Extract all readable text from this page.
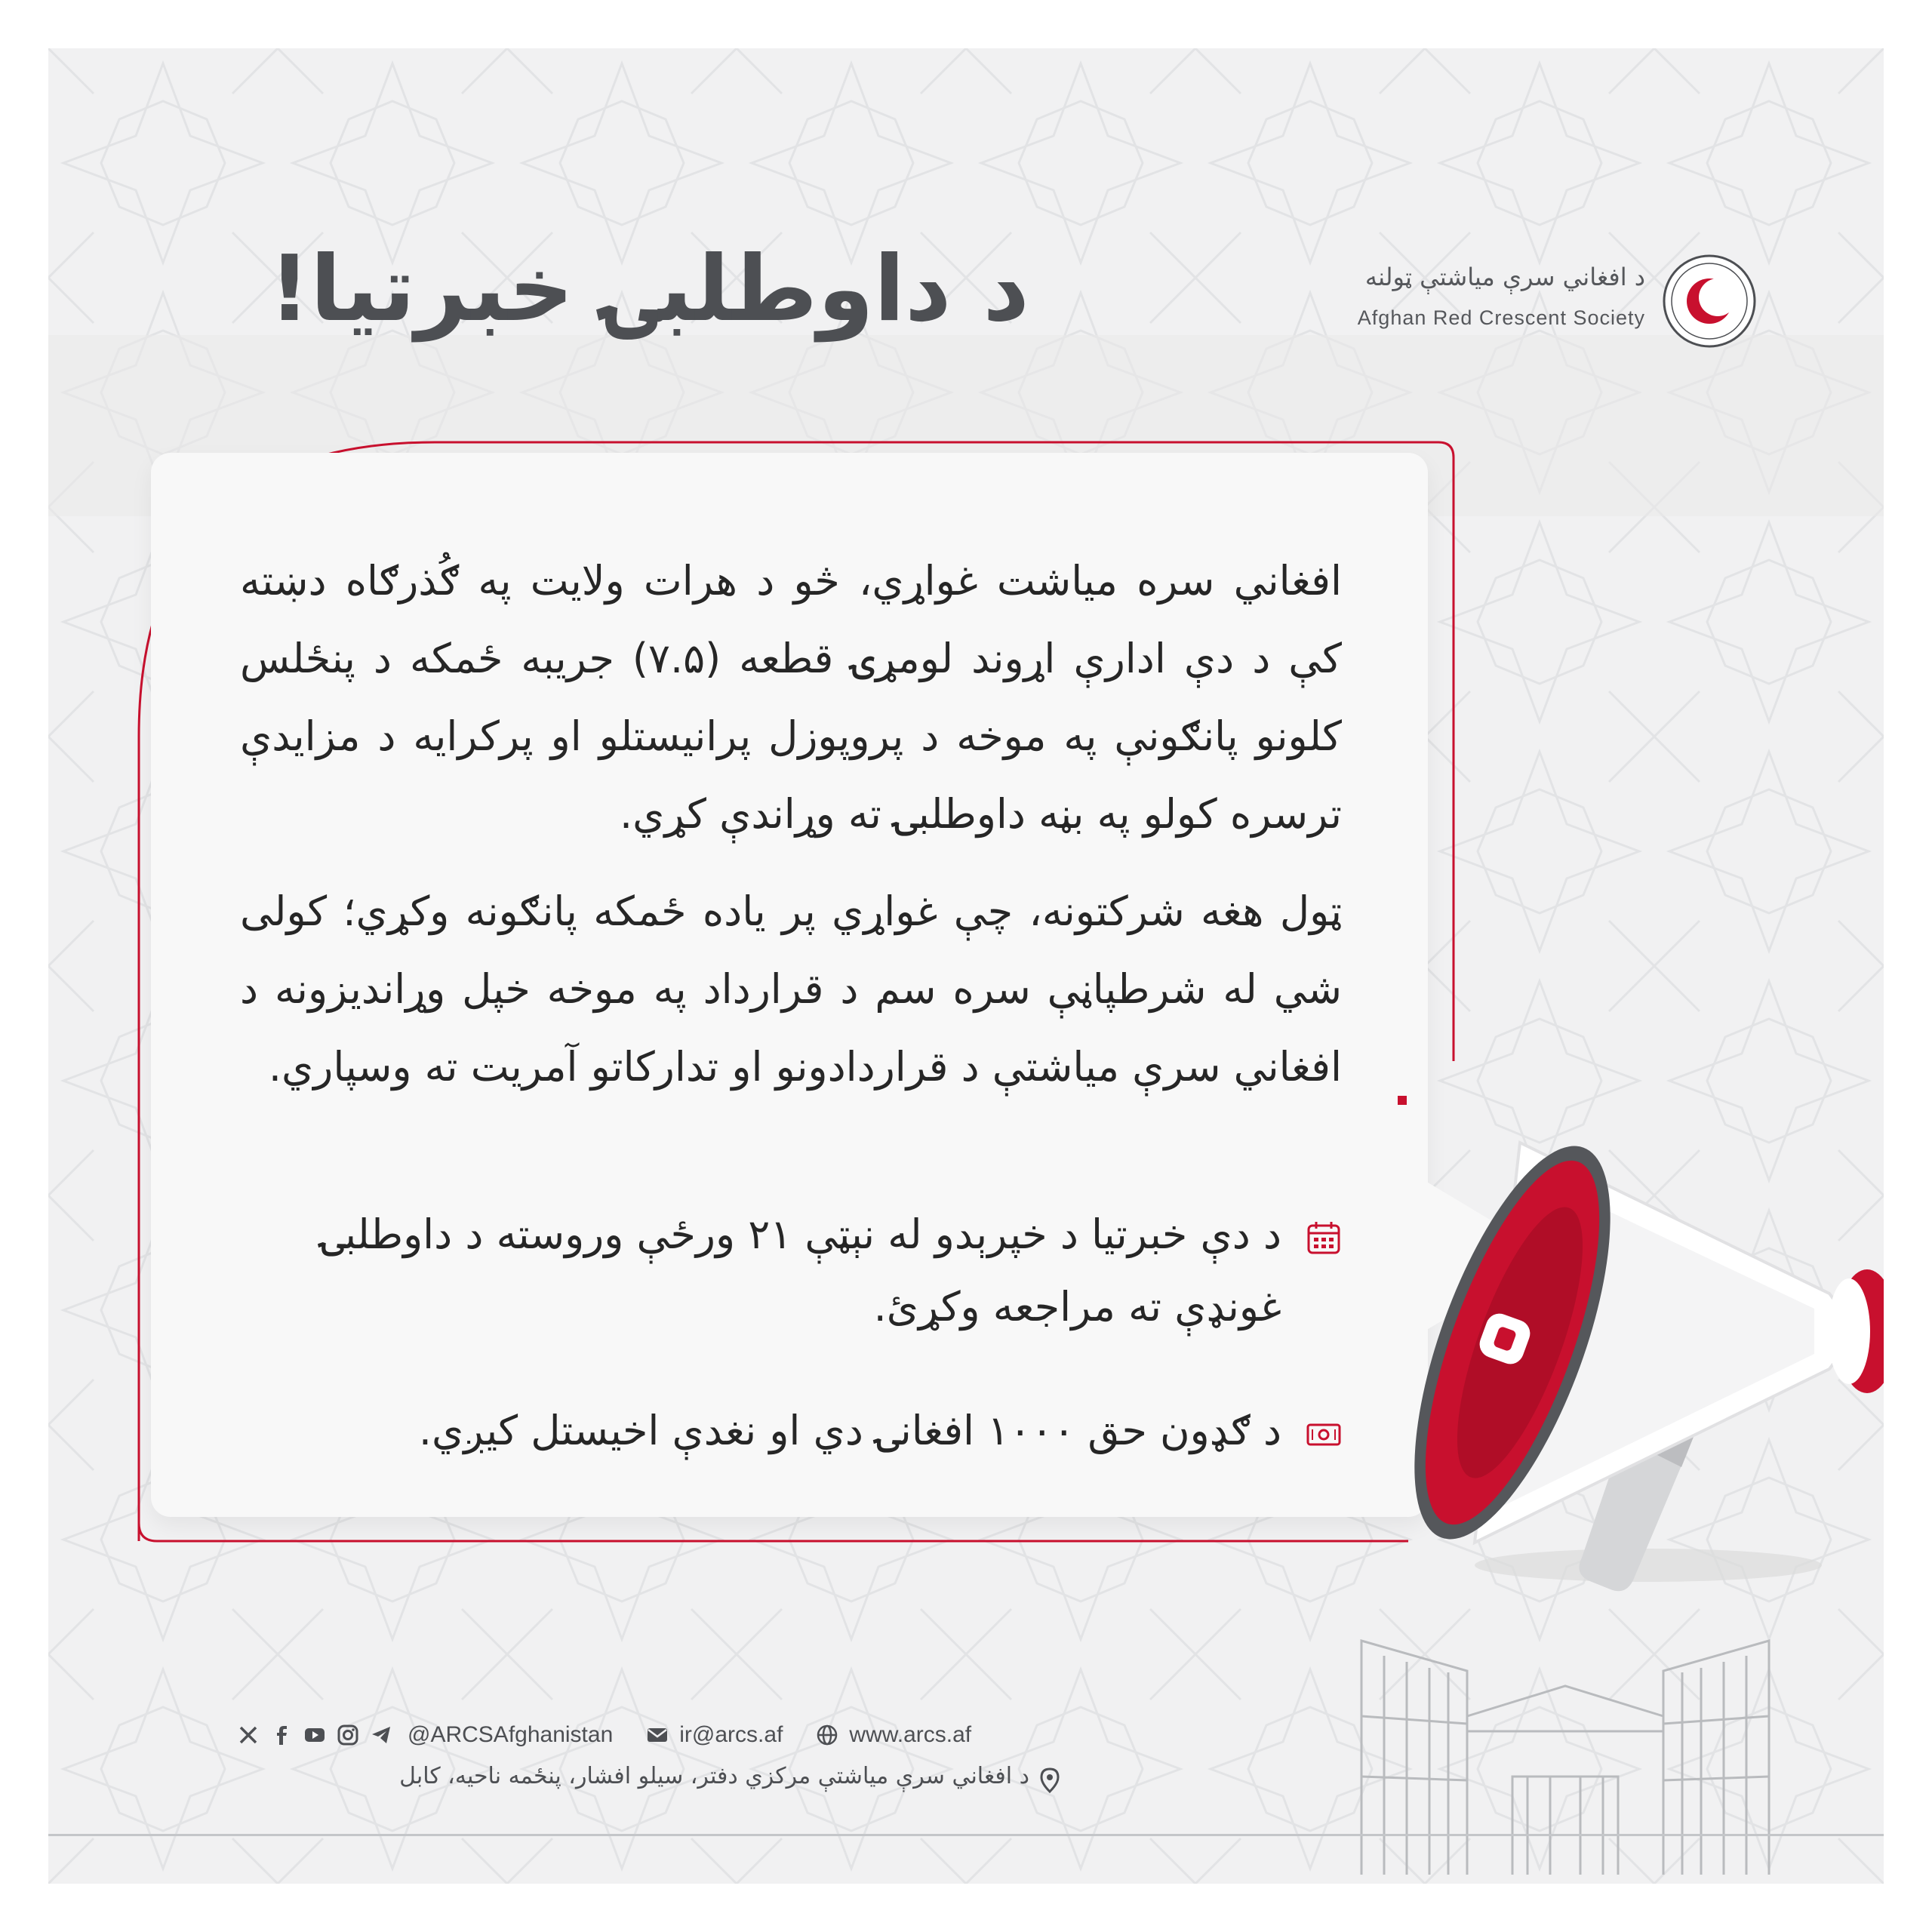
د داوطلبۍ خبرتیا!	د افغاني سرې میاشتې ټولنه
Afghan Red Crescent Society
افغاني سره میاشت غواړي، څو د هرات ولایت په ګُذرګاه دښته کې د دې ادارې اړوند لومړۍ قطعه (۷.۵) جریبه ځمکه د پنځلس کلونو پانګونې په موخه د پروپوزل پرانیستلو او پرکرایه د مزایدې ترسره کولو په بڼه داوطلبۍ ته وړاندې کړي.
ټول هغه شرکتونه، چې غواړي پر یاده ځمکه پانګونه وکړي؛ کولی شي له شرطپاڼې سره سم د قرارداد په موخه خپل وړاندیزونه د افغاني سرې میاشتې د قراردادونو او تدارکاتو آمریت ته وسپاري.
د دې خبرتیا د خپرېدو له نېټې ۲۱ ورځې وروسته د داوطلبۍ غونډې ته مراجعه وکړئ.
د ګډون حق ۱۰۰۰ افغانۍ دي او نغدې اخیستل کیږي.
@ARCSAfghanistan	ir@arcs.af	www.arcs.af
د افغاني سرې میاشتې مرکزي دفتر، سیلو افشار، پنځمه ناحیه، کابل
